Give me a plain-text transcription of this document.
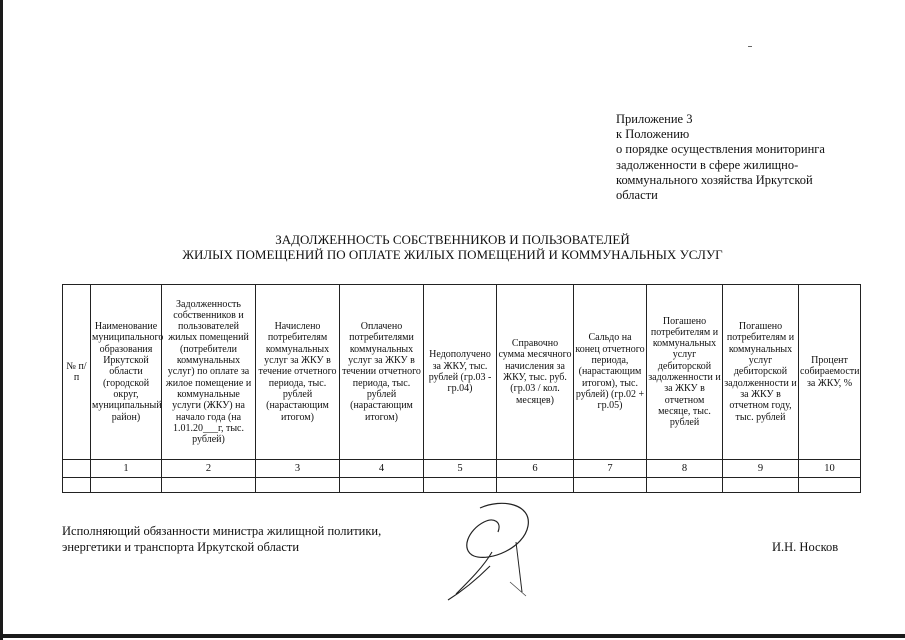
Приложение 3
к Положению
о порядке осуществления мониторинга
задолженности в сфере жилищно-
коммунального хозяйства Иркутской
области
ЗАДОЛЖЕННОСТЬ СОБСТВЕННИКОВ И ПОЛЬЗОВАТЕЛЕЙ
ЖИЛЫХ ПОМЕЩЕНИЙ ПО ОПЛАТЕ ЖИЛЫХ ПОМЕЩЕНИЙ И КОММУНАЛЬНЫХ УСЛУГ
№ п/п	Наименование муниципального образования Иркутской области (городской округ, муниципальный район)	Задолженность собственников и пользователей жилых помещений (потребители коммунальных услуг) по оплате за жилое помещение и коммунальные услуги (ЖКУ) на начало года (на 1.01.20___г, тыс. рублей)	Начислено потребителям коммунальных услуг за ЖКУ в течение отчетного периода, тыс. рублей (нарастающим итогом)	Оплачено потребителями коммунальных услуг за ЖКУ в течении отчетного периода, тыс. рублей (нарастающим итогом)	Недополучено за ЖКУ, тыс. рублей (гр.03 - гр.04)	Справочно сумма месячного начисления за ЖКУ, тыс. руб. (гр.03 / кол. месяцев)	Сальдо на конец отчетного периода, (нарастающим итогом), тыс. рублей) (гр.02 + гр.05)	Погашено потребителям и коммунальных услуг дебиторской задолженности и за ЖКУ в отчетном месяце, тыс. рублей	Погашено потребителям и коммунальных услуг дебиторской задолженности и за ЖКУ в отчетном году, тыс. рублей	Процент собираемости за ЖКУ, %
	1	2	3	4	5	6	7	8	9	10

Исполняющий обязанности министра жилищной политики,
энергетики и транспорта Иркутской области	И.Н. Носков
